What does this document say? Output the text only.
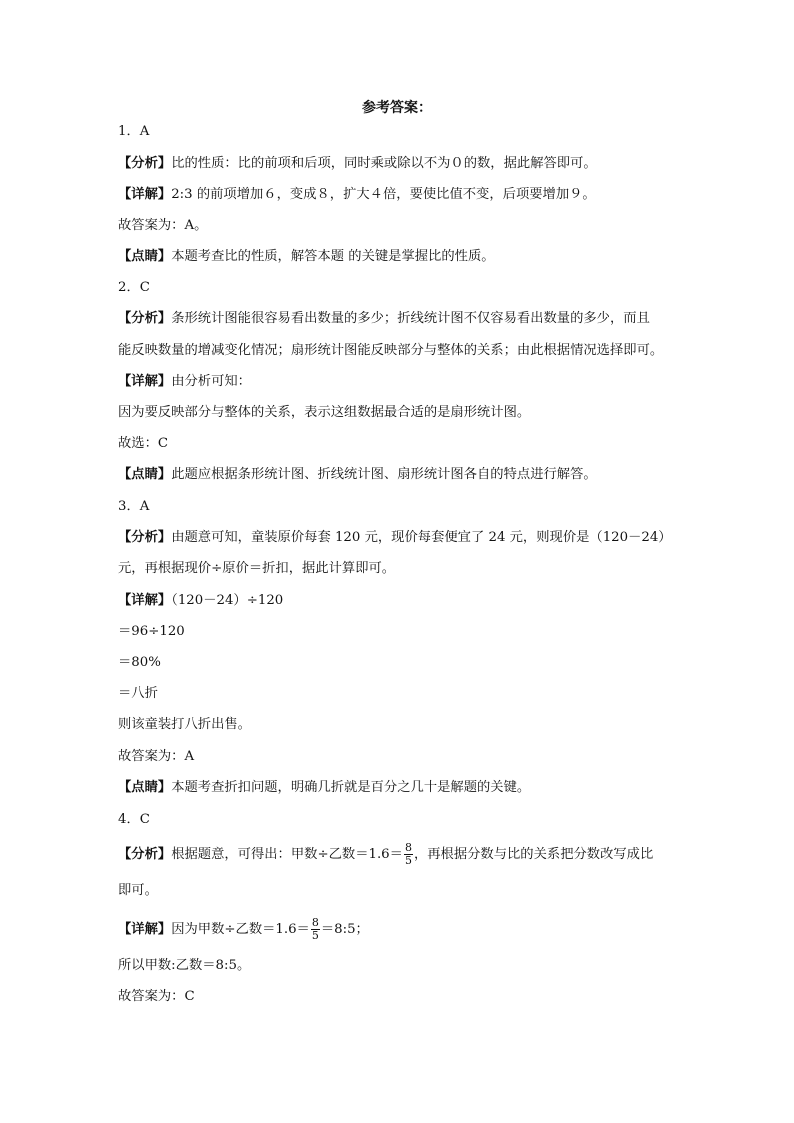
参考答案：
1．A
【分析】比的性质：比的前项和后项，同时乘或除以不为０的数，据此解答即可。
【详解】2:3 的前项增加６，变成８，扩大４倍，要使比值不变，后项要增加９。
故答案为：A。
【点睛】本题考查比的性质，解答本题 的关键是掌握比的性质。
2．C
【分析】条形统计图能很容易看出数量的多少；折线统计图不仅容易看出数量的多少，而且
能反映数量的增减变化情况；扇形统计图能反映部分与整体的关系；由此根据情况选择即可。
【详解】由分析可知：
因为要反映部分与整体的关系，表示这组数据最合适的是扇形统计图。
故选：C
【点睛】此题应根据条形统计图、折线统计图、扇形统计图各自的特点进行解答。
3．A
【分析】由题意可知，童装原价每套 120 元，现价每套便宜了 24 元，则现价是（120－24）
元，再根据现价÷原价＝折扣，据此计算即可。
【详解】（120－24）÷120
＝96÷120
＝80%
＝八折
则该童装打八折出售。
故答案为：A
【点睛】本题考查折扣问题，明确几折就是百分之几十是解题的关键。
4．C
【分析】根据题意，可得出：甲数÷乙数$=1.6= \frac{8}{5}$ ，再根据分数与比的关系把分数改写成比
即可。
【详解】因为甲数÷乙数$=1.6= \frac{8}{5}$ ＝8:5；
所以甲数:乙数＝8:5。
故答案为：C
